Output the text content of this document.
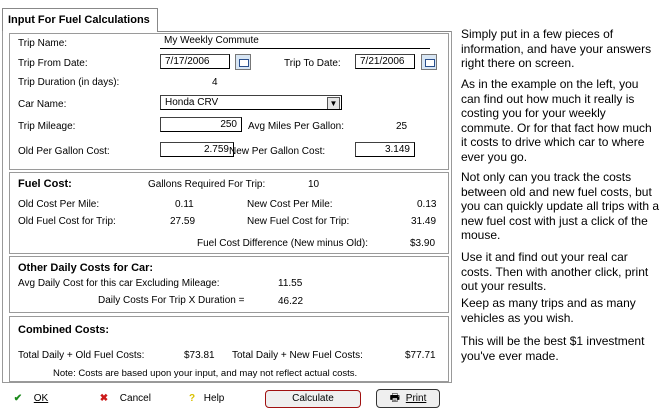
Input For Fuel Calculations
Trip Name:	My Weekly Commute
Trip From Date:	7/17/2006	Trip To Date:	7/21/2006
Trip Duration (in days):	4
Car Name:	Honda CRV	▼
Trip Mileage:	250	Avg Miles Per Gallon:	25
Old Per Gallon Cost:	2.759 New Per Gallon Cost:	3.149
Fuel Cost:	Gallons Required For Trip:	10
Old Cost Per Mile:	0.11	New Cost Per Mile:	0.13
Old Fuel Cost for Trip:	27.59	New Fuel Cost for Trip:	31.49
Fuel Cost Difference (New minus Old):	$3.90
Other Daily Costs for Car:
Avg Daily Cost for this car Excluding Mileage:	11.55
Daily Costs For Trip X Duration =	46.22
Combined Costs:
Total Daily + Old Fuel Costs:	$73.81 Total Daily + New Fuel Costs:	$77.71
Note: Costs are based upon your input, and may not reflect actual costs.
✔ OK	✖ Cancel	? Help	Calculate	🖶 Print
Simply put in a few pieces of information, and have your answers right there on screen.
As in the example on the left, you can find out how much it really is costing you for your weekly commute. Or for that fact how much it costs to drive which car to where ever you go.
Not only can you track the costs between old and new fuel costs, but you can quickly update all trips with a new fuel cost with just a click of the mouse.
Use it and find out your real car costs. Then with another click, print out your results.
Keep as many trips and as many vehicles as you wish.
This will be the best $1 investment you've ever made.
